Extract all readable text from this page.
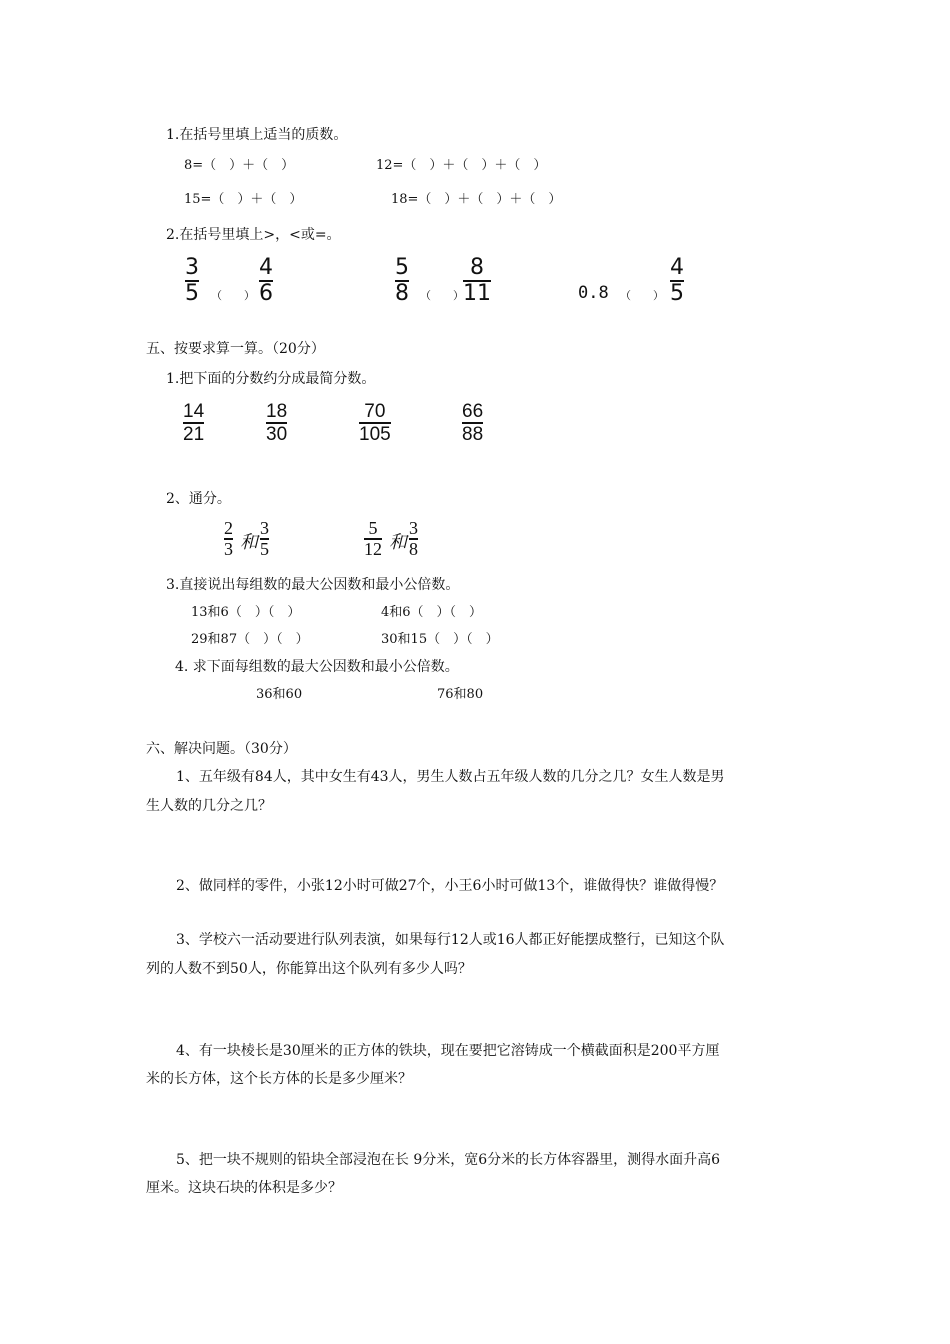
1.在括号里填上适当的质数。
8=（　）＋（　）	12=（　）＋（　）＋（　）
15=（　）＋（　）	18=（　）＋（　）＋（　）
2.在括号里填上>，<或=。
3
5 （　　）
4
6
5
8 （　　）
8
11	0.8 （　　）
4
5
五、按要求算一算。（20分）
1.把下面的分数约分成最简分数。
14
21
18
30
70
105
66
88
2、通分。
2
3 和
3
5
5
12 和
3
8
3.直接说出每组数的最大公因数和最小公倍数。
13和6（　）（　）	4和6（　）（　）
29和87（　）（　）	30和15（　）（　）
4. 求下面每组数的最大公因数和最小公倍数。
36和60	76和80
六、解决问题。（30分）
1、五年级有84人，其中女生有43人，男生人数占五年级人数的几分之几？女生人数是男
生人数的几分之几？
2、做同样的零件，小张12小时可做27个，小王6小时可做13个，谁做得快？谁做得慢？
3、学校六一活动要进行队列表演，如果每行12人或16人都正好能摆成整行，已知这个队
列的人数不到50人，你能算出这个队列有多少人吗？
4、有一块棱长是30厘米的正方体的铁块，现在要把它溶铸成一个横截面积是200平方厘
米的长方体，这个长方体的长是多少厘米？
5、把一块不规则的铅块全部浸泡在长 9分米，宽6分米的长方体容器里，测得水面升高6
厘米。这块石块的体积是多少？
